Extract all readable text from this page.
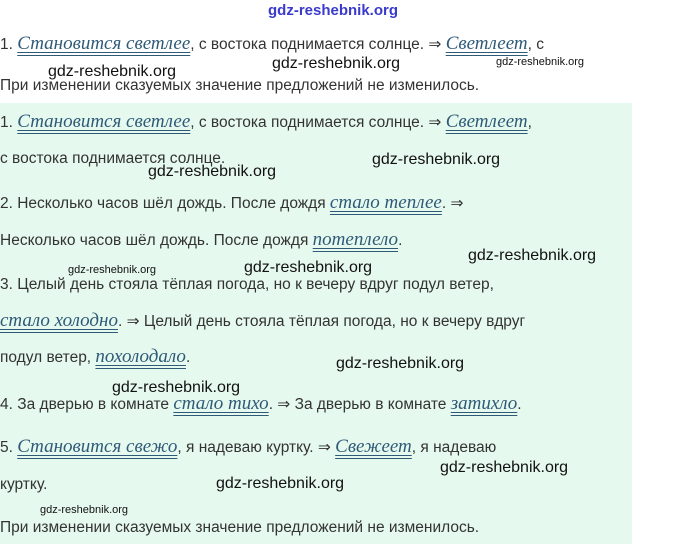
gdz-reshebnik.org
1. Становится светлее, с востока поднимается солнце. ⇒ Светлеет, с
При изменении сказуемых значение предложений не изменилось.
1. Становится светлее, с востока поднимается солнце. ⇒ Светлеет,
с востока поднимается солнце.
2. Несколько часов шёл дождь. После дождя стало теплее. ⇒
Несколько часов шёл дождь. После дождя потеплело.
3. Целый день стояла тёплая погода, но к вечеру вдруг подул ветер,
стало холодно. ⇒ Целый день стояла тёплая погода, но к вечеру вдруг
подул ветер, похолодало.
4. За дверью в комнате стало тихо. ⇒ За дверью в комнате затихло.
5. Становится свежо, я надеваю куртку. ⇒ Свежеет, я надеваю
куртку.
При изменении сказуемых значение предложений не изменилось.
gdz-reshebnik.org	gdz-reshebnik.org	gdz-reshebnik.org
gdz-reshebnik.org
gdz-reshebnik.org
gdz-reshebnik.org
gdz-reshebnik.org	gdz-reshebnik.org
gdz-reshebnik.org
gdz-reshebnik.org
gdz-reshebnik.org
gdz-reshebnik.org
gdz-reshebnik.org
